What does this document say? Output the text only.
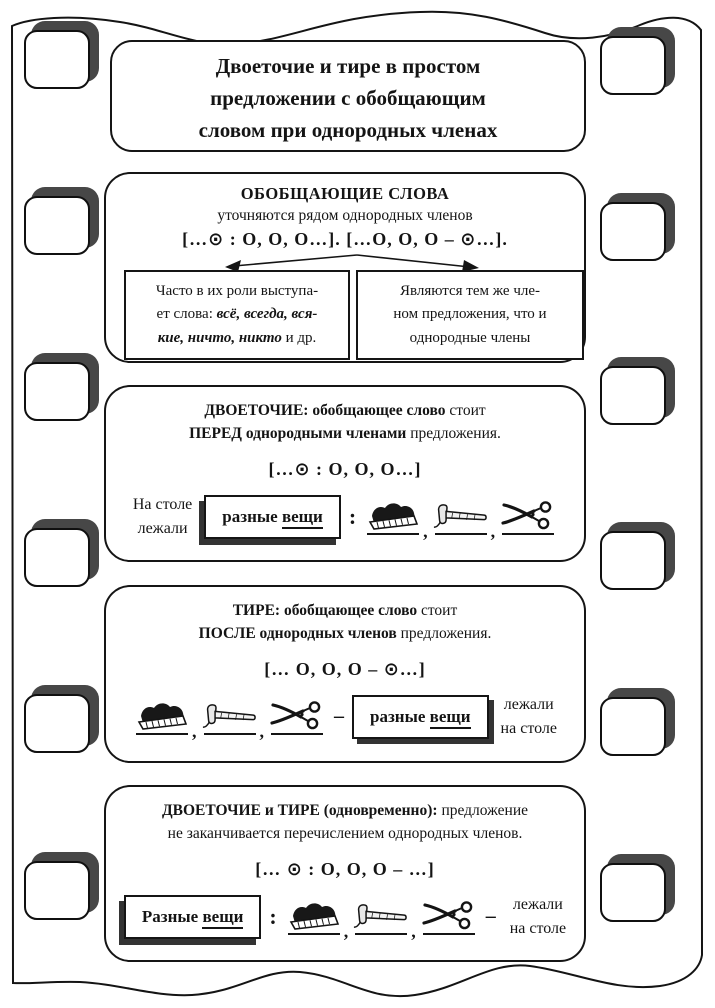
Двоеточие и тире в простом
предложении с обобщающим
словом при однородных членах
ОБОБЩАЮЩИЕ СЛОВА
уточняются рядом однородных членов
[…⊙ : О, О, О…]. […О, О, О – ⊙…].
Часто в их роли выступа-
ет слова: всё, всегда, вся-
кие, ничто, никто и др.
Являются тем же чле-
ном предложения, что и
однородные члены
ДВОЕТОЧИЕ: обобщающее слово стоит
ПЕРЕД однородными членами предложения.
[…⊙ : О, О, О…]
На столе
лежали
разные вещи	:
,	,
ТИРЕ: обобщающее слово стоит
ПОСЛЕ однородных членов предложения.
[… О, О, О – ⊙…]
,	,
–	разные вещи
лежали
на столе
ДВОЕТОЧИЕ и ТИРЕ (одновременно): предложение
не заканчивается перечислением однородных членов.
[… ⊙ : О, О, О – …]
Разные вещи	:
,	,
–
лежали
на столе
